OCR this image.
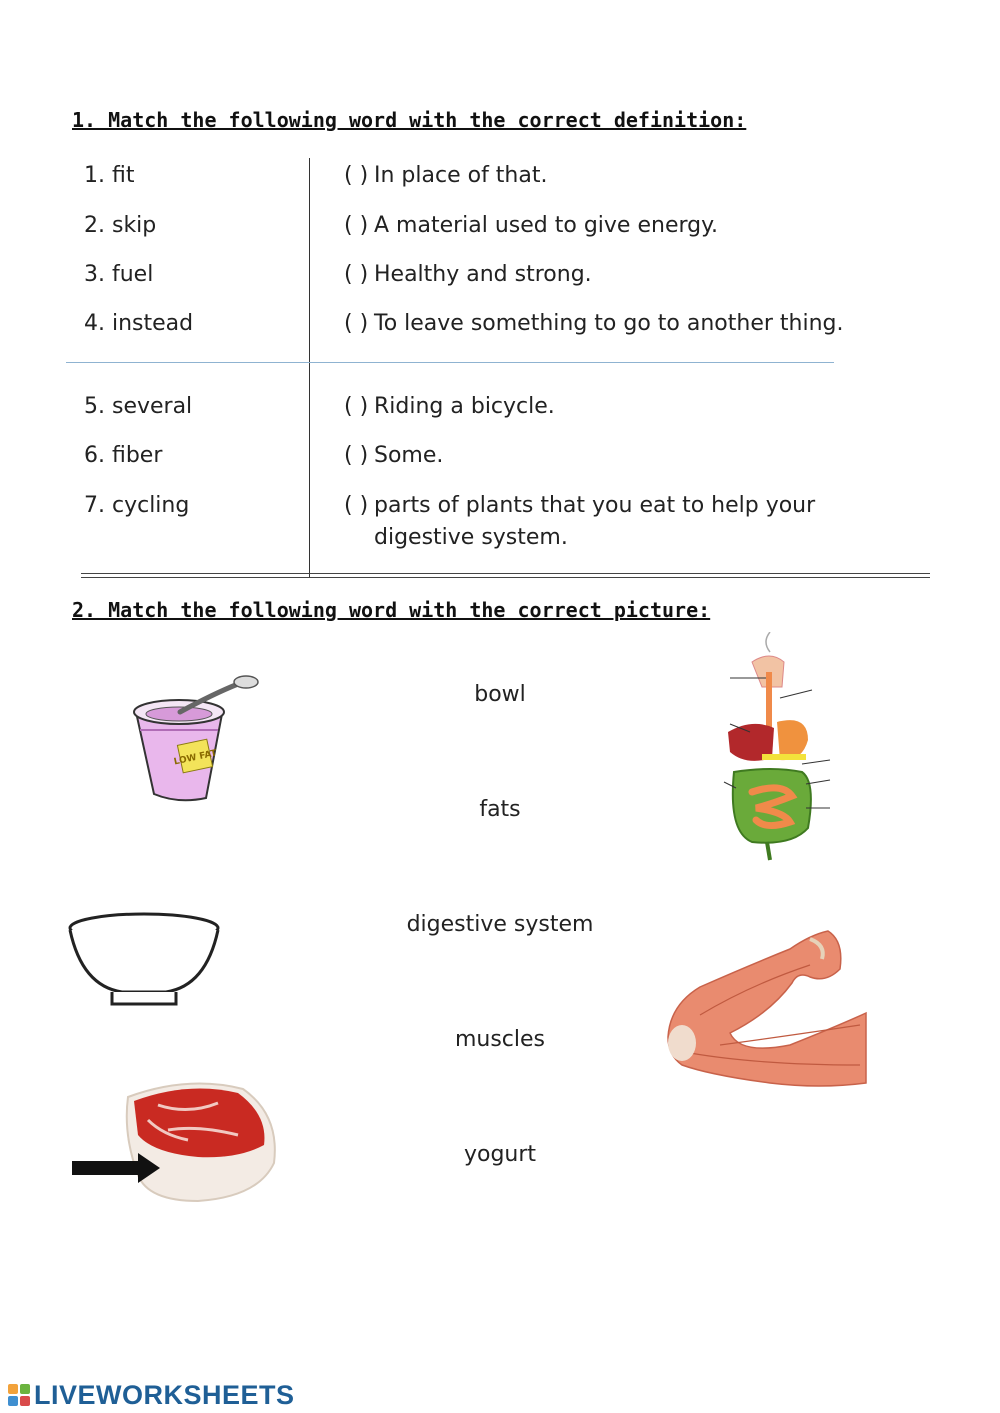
1. Match the following word with the correct definition:
1. fit
2. skip
3. fuel
4. instead
5. several
6. fiber
7. cycling
( ) In place of that.
( ) A material used to give energy.
( ) Healthy and strong.
( ) To leave something to go to another thing.
( ) Riding a bicycle.
( ) Some.
( ) parts of plants that you eat to help your
digestive system.
2. Match the following word with the correct picture:
bowl
fats
digestive system
muscles
yogurt
LOW FAT
LIVEWORKSHEETS
